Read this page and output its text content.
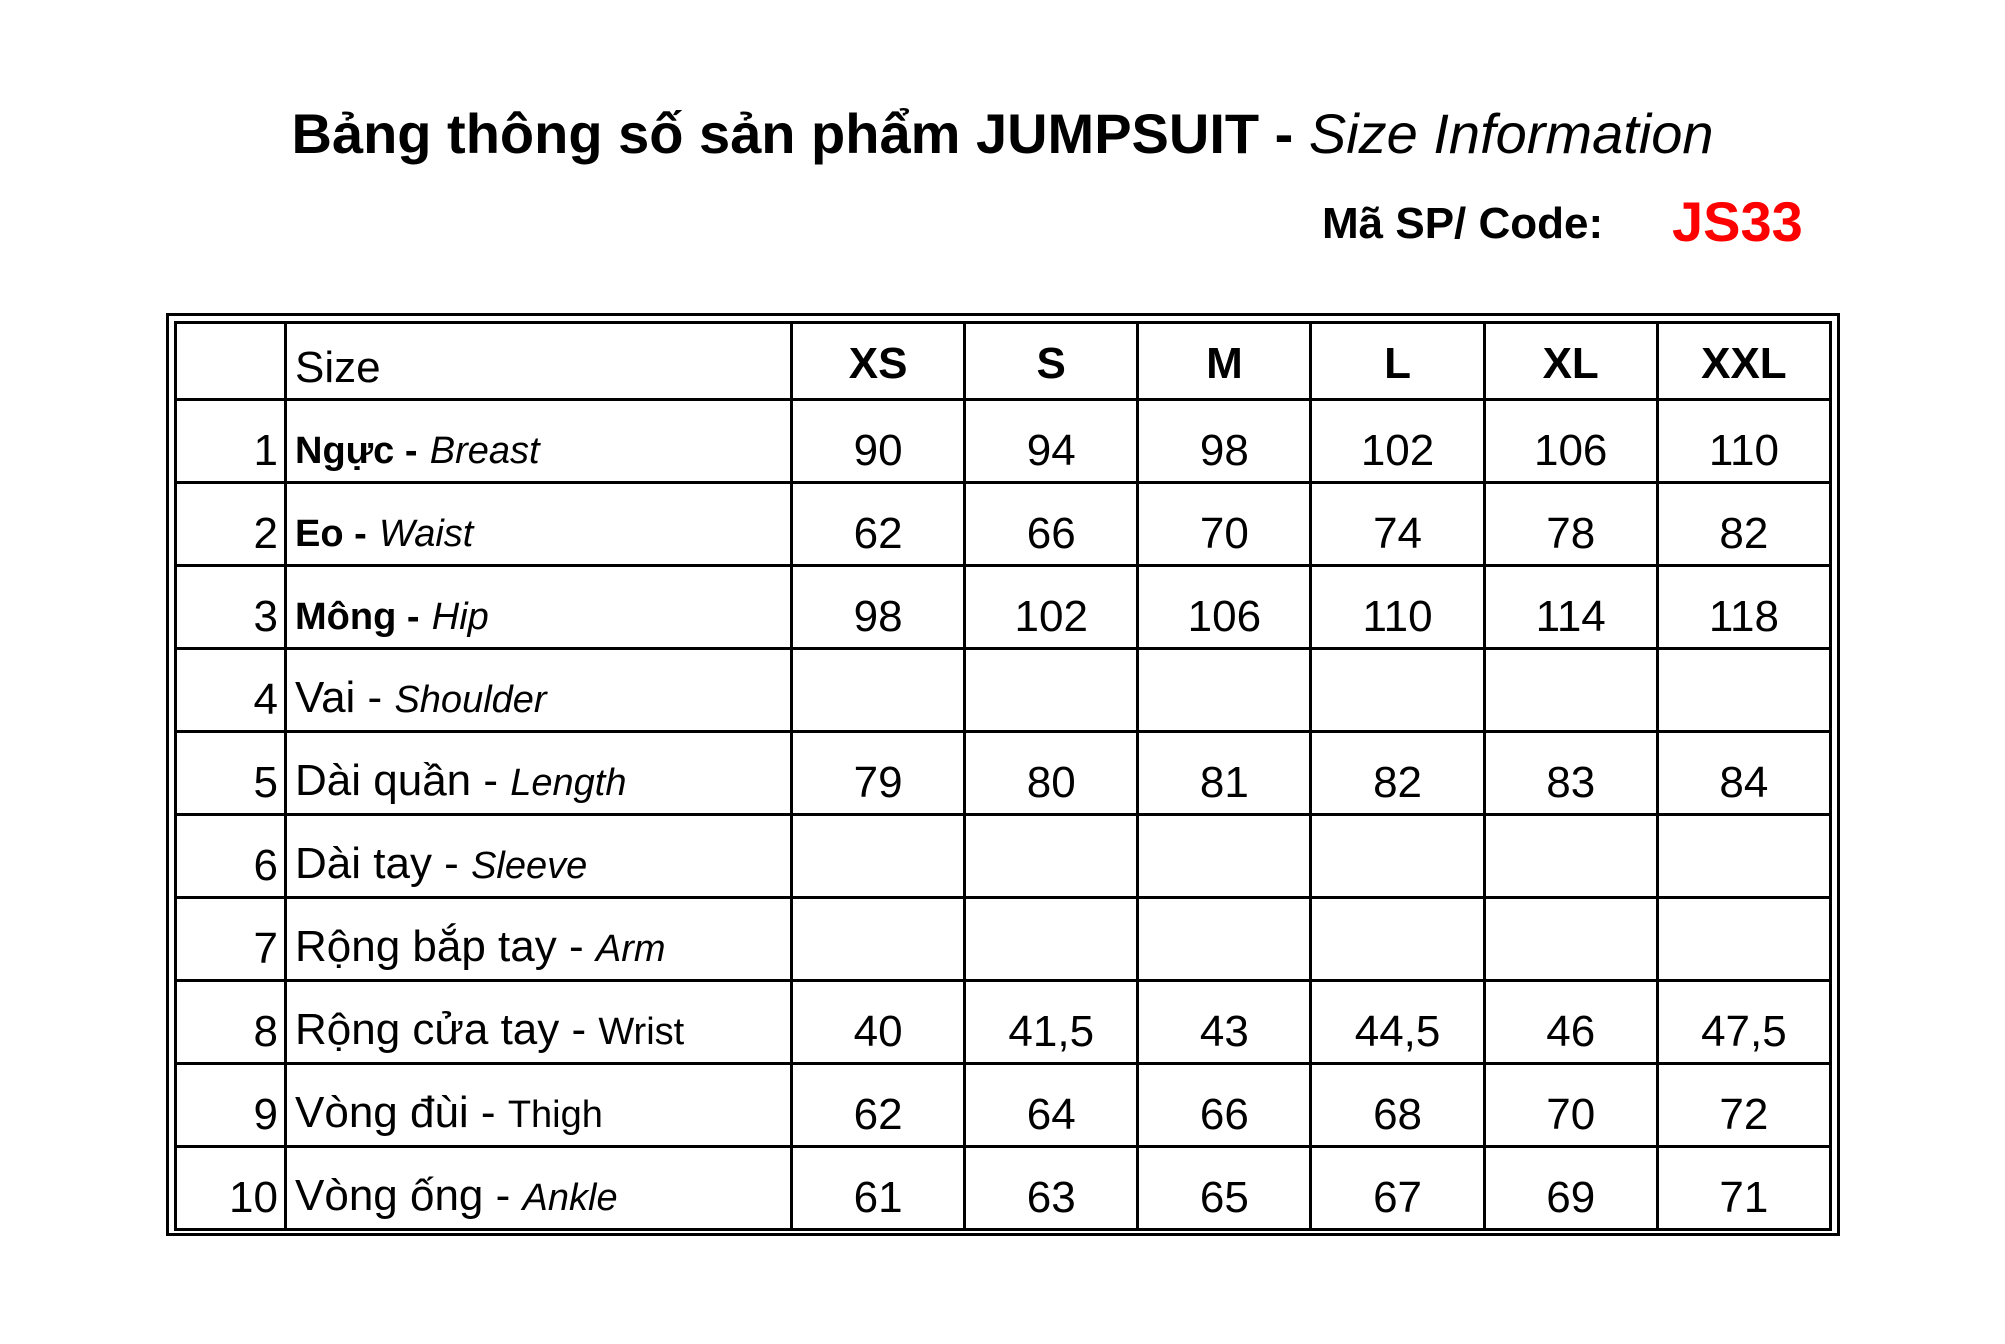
Bảng thông số sản phẩm JUMPSUIT - Size Information
Mã SP/ Code: JS33
	Size	XS	S	M	L	XL	XXL
1	Ngực - Breast	90	94	98	102	106	110
2	Eo - Waist	62	66	70	74	78	82
3	Mông - Hip	98	102	106	110	114	118
4	Vai - Shoulder						
5	Dài quần - Length	79	80	81	82	83	84
6	Dài tay - Sleeve						
7	Rộng bắp tay - Arm						
8	Rộng cửa tay - Wrist	40	41,5	43	44,5	46	47,5
9	Vòng đùi - Thigh	62	64	66	68	70	72
10	Vòng ống - Ankle	61	63	65	67	69	71
